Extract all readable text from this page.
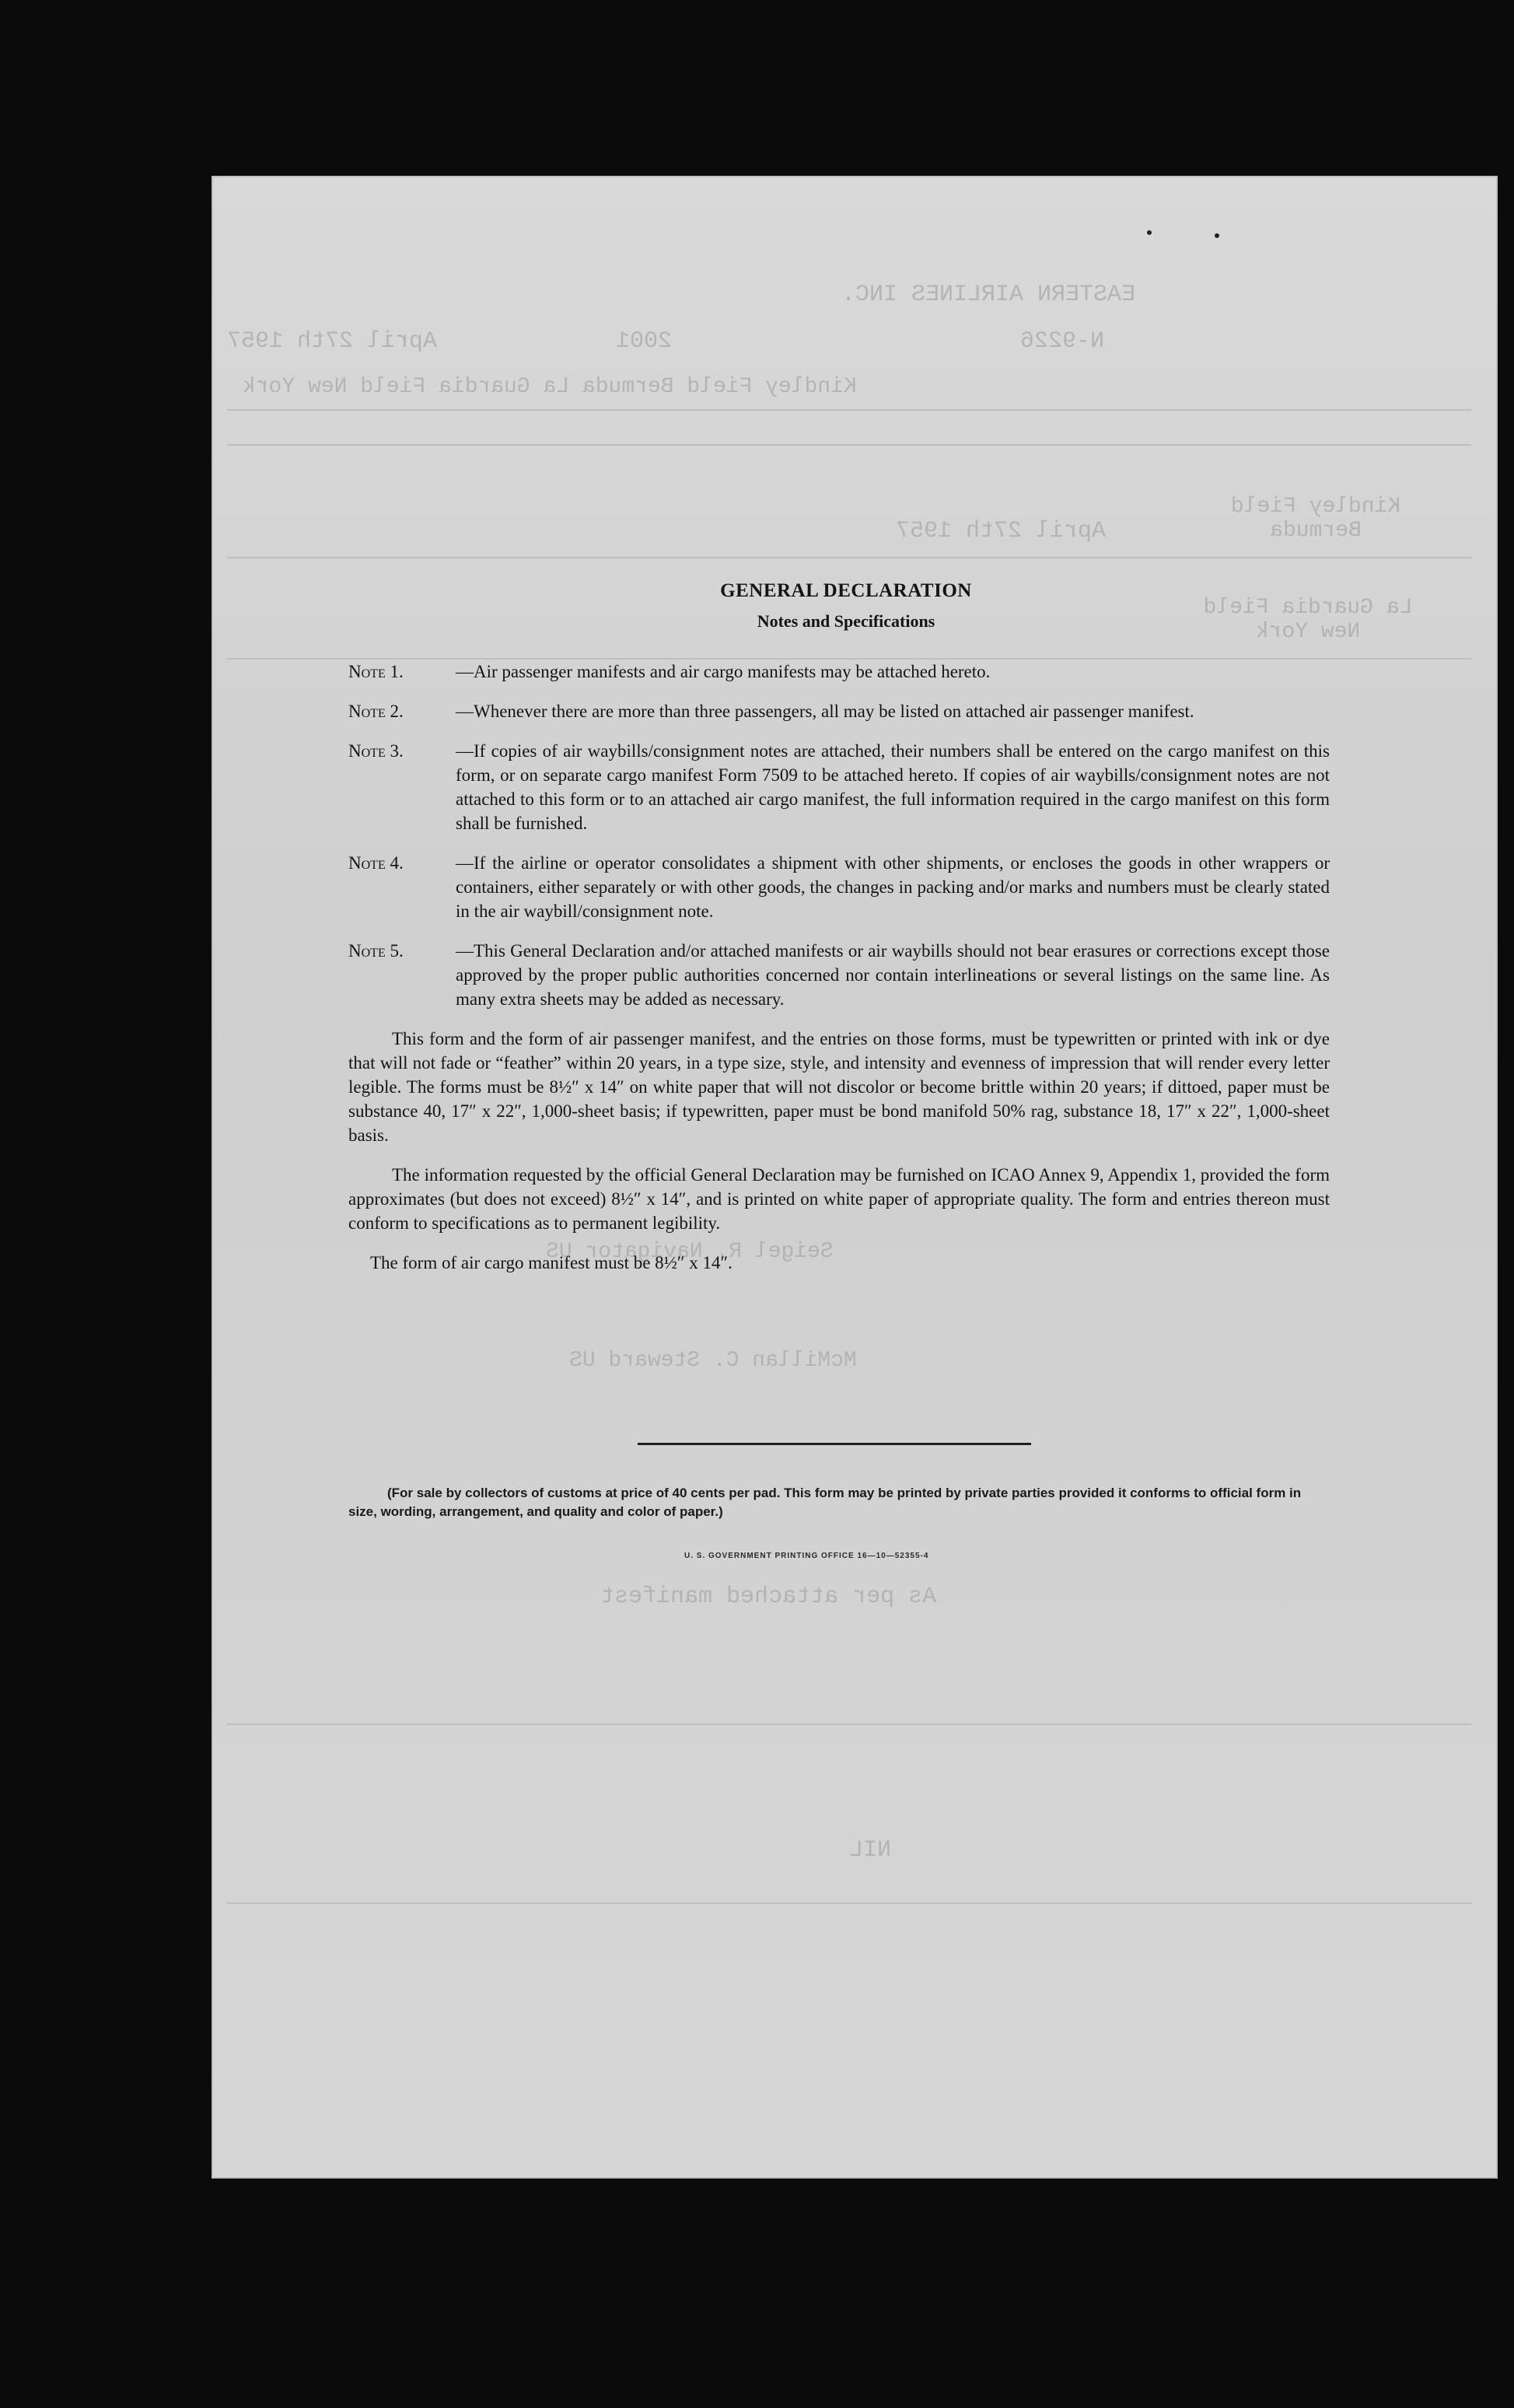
EASTERN AIRLINES INC.
April 27th 1957	2001	N-9226
Kindley Field Bermuda La Guardia Field New York
Kindley Field Bermuda
April 27th 1957
La Guardia Field New York
Seigel R. Navigator US
McMillan C. Steward US
As per attached manifest
NIL
GENERAL DECLARATION
Notes and Specifications
Note 1.	—Air passenger manifests and air cargo manifests may be attached hereto.
Note 2.	—Whenever there are more than three passengers, all may be listed on attached air passenger manifest.
Note 3.	—If copies of air waybills/consignment notes are attached, their numbers shall be entered on the cargo manifest on this form, or on separate cargo manifest Form 7509 to be attached hereto. If copies of air waybills/consignment notes are not attached to this form or to an attached air cargo manifest, the full information required in the cargo manifest on this form shall be furnished.
Note 4.	—If the airline or operator consolidates a shipment with other shipments, or encloses the goods in other wrappers or containers, either separately or with other goods, the changes in packing and/or marks and numbers must be clearly stated in the air waybill/consignment note.
Note 5.	—This General Declaration and/or attached manifests or air waybills should not bear erasures or corrections except those approved by the proper public authorities concerned nor contain interlineations or several listings on the same line. As many extra sheets may be added as necessary.

This form and the form of air passenger manifest, and the entries on those forms, must be typewritten or printed with ink or dye that will not fade or “feather” within 20 years, in a type size, style, and intensity and evenness of impression that will render every letter legible. The forms must be 8½″ x 14″ on white paper that will not discolor or become brittle within 20 years; if dittoed, paper must be substance 40, 17″ x 22″, 1,000-sheet basis; if typewritten, paper must be bond manifold 50% rag, substance 18, 17″ x 22″, 1,000-sheet basis.

The information requested by the official General Declaration may be furnished on ICAO Annex 9, Appendix 1, provided the form approximates (but does not exceed) 8½″ x 14″, and is printed on white paper of appropriate quality. The form and entries thereon must conform to specifications as to permanent legibility.

The form of air cargo manifest must be 8½″ x 14″.

(For sale by collectors of customs at price of 40 cents per pad. This form may be printed by private parties provided it conforms to official form in size, wording, arrangement, and quality and color of paper.)
U. S. GOVERNMENT PRINTING OFFICE 16—10—52355-4
